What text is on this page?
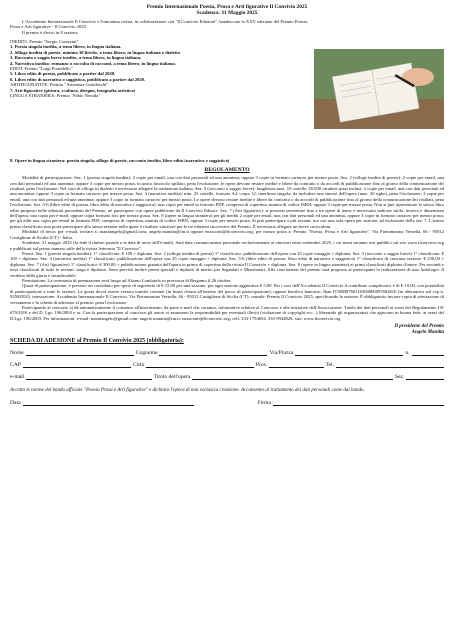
Premio Internazionale Poesia, Prosa e Arti figurative Il Convivio 2025
Scadenza: 31 Maggio 2025

L'Accademia Internazionale Il Convivio e l'omonima rivista, in collaborazione con "Il Convivio Edizioni", bandiscono la XXV edizione del Premio Poesia, Prosa e Arti figurative - Il Convivio 2025.

Il premio è diviso in 8 sezioni:

INEDITI: Premio "Sergio Corazzini"
1. Poesia singola inedita, a tema libero, in lingua italiana.
2. Silloge inedita di poesie, minimo 30 liriche, a tema libero, in lingua italiana o dialetto
3. Racconto o saggio breve inedito, a tema libero, in lingua italiana.
4. Narrativa inedita: romanzo o raccolta di racconti, a tema libero, in lingua italiana.
EDITI: Premio "Luigi Pirandello"
5. Libro edito di poesia, pubblicato a partire dal 2020.
6. Libro edito di narrativa o saggistica, pubblicato a partire dal 2020.
ARTIFIGURATIVE: Premio "Artemisia Gentileschi"
7. Arti figurative (pittura, scultura, disegno, fotografia artistica)
LINGUA STRANIERA: Premio "Pablo Neruda"
8. Opere in lingua straniera: poesia singola, silloge di poesie, racconto inedito, libro edito (narrativa e saggistica)
REGOLAMENTO

Modalità di partecipazione: Sez. 1 (poesia singola inedita): 2 copie per email, una con dati personali ed una anonima; oppure 3 copie in formato cartaceo per mezzo posta. Sez. 2 (silloge inedita di poesie): 2 copie per email, una con dati personali ed una anonima; oppure 3 copie per mezzo posta, in unico fascicolo spillato, pena l'esclusione; le opere devono restare inedite e libere da contratto o da accordi di pubblicazione fino al giorno della comunicazione dei risultati, pena l'esclusione. Nel caso di silloge in dialetto è necessario allegare la traduzione italiana. Sez. 3 (racconto o saggio breve): lunghezza max. 10 cartelle, 20.000 caratteri spazi inclusi; 2 copie per email, una con dati personali ed una anonima; oppure 3 copie in formato cartaceo per mezzo posta. Sez. 4 (narrativa inedita): min. 25 cartelle, formato A4, corpo 12, interlinea singola; da includere una sinossi dell'opera (max. 20 righe), pena l'esclusione; 2 copie per email, una con dati personali ed una anonima; oppure 3 copie in formato cartaceo per mezzo posta. Le opere devono restare inedite e libere da contratto o da accordi di pubblicazione fino al giorno della comunicazione dei risultati, pena l'esclusione. Sez. 5-6 (libro edito di poesia, libro edito di narrativa e saggistica): una copia per email in formato PDF, compresa di copertina, munita di codice ISBN; oppure 3 copie per mezzo posta. Non si può ripresentare lo stesso libro edito proposto nelle edizioni precedenti del Premio, né partecipare con opere pubblicate da Il Convivio Editore. Sez. 7 (Arti figurative): si possono presentare fino a tre opere di tema; è necessario indicare titolo, tecnica e dimensioni dell'opera, una copia per e-mail; oppure copia formato foto per mezzo posta. Sez. 8 (opere in lingua straniera) per gli inediti 2 copie per email, una con dati personali ed una anonima, oppure 3 copie in formato cartaceo per mezzo posta; per gli editi una copia per email in formato PDF, compresa di copertina, munita di codice ISBN, oppure 3 copie per mezzo posta. Si può partecipare a più sezioni, ma con una sola opera per sezione, ad esclusione della sez. 7. L'autore primo classificato non potrà partecipare alla stessa sezione nella quale è risultato vincitore per le tre edizioni successive del Premio. È necessario allegare un breve curriculum.

Modalità di invio: per e-mail, inviare a: manitangelo@gmail.com; angelo.manitta@tin.it oppure enzaconti@ilconvivio.org; per mezzo posta a: Premio "Poesia, Prosa e Arti figurative", Via Pietramarina Verzella, 66 - 95012 Castiglione di Sicilia (CT) - Italia.

Scadenza: 31 maggio 2025 (fa fede il timbro postale o la data di invio dell'e-mail). Sarà data comunicazione personale esclusivamente ai vincitori entro settembre 2025, i cui nomi saranno resi pubblici sul sito www.ilconvivio.org e pubblicati sul primo numero utile della rivista letteraria "Il Convivio".

Premi: Sez. 1 (poesia singola inedita): 1° classificato: € 100 + diploma. Sez. 2 (silloge inedita di poesie) 1° classificato: pubblicazione dell'opera con 25 copie omaggio + diploma. Sez. 3 (racconto o saggio breve) 1° classificato: € 100 + diploma. Sez. 4 (narrativa inedita) 1° classificato: pubblicazione dell'opera con 25 copie omaggio + diploma. Sez. 5-6 (libro edito di poesia; libro edito di narrativa o saggistica) 1° classificato di ciascuna sezione: € 250,00 + diploma. Sez. 7 (Arti figurative) 1° classificato: € 300,00 + pubblicazione gratuita dell'opera in prima di copertina della rivista Il Convivio + diploma. Sez. 8 (opere in lingua straniera) ai primi classificati diploma d'onore. Per secondi e terzi classificati di tutte le sezioni: targa e diploma. Sono previsti inoltre premi speciali e diplomi di merito per Segnalati e Menzionati. Alla conclusione del premio sarà proposta ai partecipanti la realizzazione di una Antologia. Il verdetto della giuria è insindacabile.

Premiazione: La cerimonia di premiazione avrà luogo ad Alzano Lombardo in provincia di Bergamo il 26 ottobre.

Quota di partecipazione: è previsto un contributo per spese di segreteria di € 15,00 per una sezione, per ogni sezione aggiuntiva € 5,00. Per i soci dell'Accademia Il Convivio il contributo complessivo è di € 10,00, con possibilità di partecipazione a tutte le sezioni. La quota dovrà essere versata tramite contanti (in busta chiusa all'interno del pacco di partecipazione); oppure bonifico bancario: Iban IT30M0760116500000093582810 (in alternativa sul ccp n. 93582810), intestazione: Accademia Internazionale Il Convivio, Via Pietramarina Verzella, 66 - 95012 Castiglione di Sicilia (CT); causale: Premio Il Convivio 2025, specificando la sezione. È obbligatorio inviare copia di attestazione di versamento e la scheda di adesione al premio, pena l'esclusione.

Partecipando al concorso si dà automaticamente il consenso all'inserimento, da parte e-mail che curiamo, informative relative al Concorso e alle iniziative dell'Associazione. Tutela dei dati personali ai sensi del Regolamento UE 679/2016 e del D. Lgs. 196/2003 e ss. Con la partecipazione al concorso gli autori si assumono la responsabilità per eventuali illeciti (violazione di copyright ecc...) liberando gli organizzatori che agiscono in buona fede, ai sensi del D.Lgs. 196/2003. Per informazioni: e-mail: manitangelo@gmail.com; angelo.manitta@tin.it; enzaconti@ilconvivio.org; cell. 333-1794694, 333-9944828, sito: www.ilconvivio.org

Il presidente del Premio
Angelo Manitta
SCHEDA DI ADESIONE al Premio Il Convivio 2025 (obbligatoria):
Nome	Cognome	Via/Piazza	n.
CAP	Città	Prov.	Tel.
e-mail	Titolo dell'opera	Sez.
Accetto le norme del bando ufficiale "Poesia Prosa e Arti figurative" e dichiaro l'opera di mia esclusiva creazione. Acconsento al trattamento dei dati personali come dal bando.
Data	Firma
